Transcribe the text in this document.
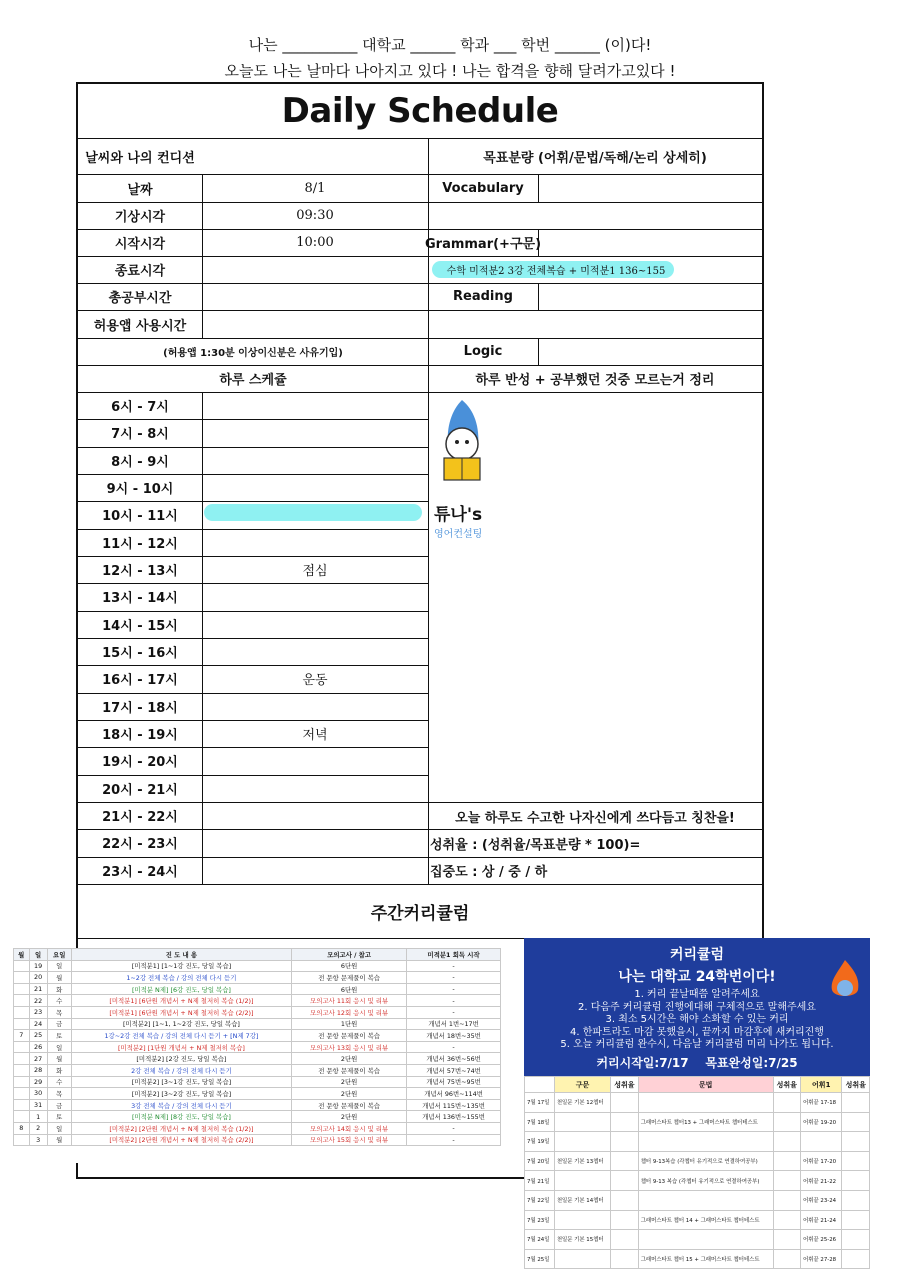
나는 __________ 대학교 ______ 학과 ___ 학번 ______ (이)다!
오늘도 나는 날마다 나아지고 있다 ! 나는 합격을 향해 달려가고있다 !
Daily Schedule
날씨와 나의 컨디션	목표분량 (어휘/문법/독해/논리 상세히)
날짜	8/1	Vocabulary
기상시각	09:30
시작시각	10:00	Grammar(+구문)
종료시각	수학 미적분2 3강 전체복습 + 미적분1 136~155
총공부시간	Reading
허용앱 사용시간
(허용앱 1:30분 이상이신분은 사유기입)	Logic
하루 스케쥴	하루 반성 + 공부했던 것중 모르는거 정리
6시 - 7시
7시 - 8시
8시 - 9시
9시 - 10시
10시 - 11시
11시 - 12시
12시 - 13시	점심
13시 - 14시
14시 - 15시
15시 - 16시
16시 - 17시	운동
17시 - 18시
18시 - 19시	저녁
19시 - 20시
20시 - 21시
21시 - 22시
22시 - 23시
23시 - 24시
튜나's
영어컨설팅
오늘 하루도 수고한 나자신에게 쓰다듬고 칭찬을!
성취율 : (성취율/목표분량 * 100)=
집중도 : 상 / 중 / 하
주간커리큘럼
월	일	요일	진 도 내 용	모의고사 / 참고	미적분1 회독 시작
	19	일	[미적분1] [1~1강 진도, 당일 복습]	6단원	-
	20	월	1~2강 전체 복습 / 강의 전체 다시 듣기	전 문항 문제풀이 복습	-
	21	화	[미적분 N제] [6강 진도, 당일 복습]	6단원	-
	22	수	[미적분1] [6단원 개념서 + N제 철저히 복습 (1/2)]	모의고사 11회 응시 및 리뷰	-
	23	목	[미적분1] [6단원 개념서 + N제 철저히 복습 (2/2)]	모의고사 12회 응시 및 리뷰	-
	24	금	[미적분2] [1~1, 1~2강 진도, 당일 복습]	1단원	개념서 1번~17번
7	25	토	1강~2강 전체 복습 / 강의 전체 다시 듣기 + [N제 7강]	전 문항 문제풀이 복습	개념서 18번~35번
	26	일	[미적분2] [1단원 개념서 + N제 철저히 복습]	모의고사 13회 응시 및 리뷰	-
	27	월	[미적분2] [2강 진도, 당일 복습]	2단원	개념서 36번~56번
	28	화	2강 전체 복습 / 강의 전체 다시 듣기	전 문항 문제풀이 복습	개념서 57번~74번
	29	수	[미적분2] [3~1강 진도, 당일 복습]	2단원	개념서 75번~95번
	30	목	[미적분2] [3~2강 진도, 당일 복습]	2단원	개념서 96번~114번
	31	금	3강 전체 복습 / 강의 전체 다시 듣기	전 문항 문제풀이 복습	개념서 115번~135번
	1	토	[미적분 N제] [8강 진도, 당일 복습]	2단원	개념서 136번~155번
8	2	일	[미적분2] [2단원 개념서 + N제 철저히 복습 (1/2)]	모의고사 14회 응시 및 리뷰	-
	3	월	[미적분2] [2단원 개념서 + N제 철저히 복습 (2/2)]	모의고사 15회 응시 및 리뷰	-
커리큘럼
나는 대학교 24학번이다!
1. 커리 끝날때쯤 알려주세요
2. 다음주 커리큘럼 진행에대해 구체적으로 말해주세요
3. 최소 5시간은 해야 소화할 수 있는 커리
4. 한파트라도 마감 못했을시, 끝까지 마감후에 새커리진행
5. 오늘 커리큘럼 완수시, 다음날 커리큘럼 미리 나가도 됩니다.
커리시작일:7/17 목표완성일:7/25
	구문	성취율	문법	성취율	어휘1	성취율
7월 17일	천일문 기본 12챕터				어휘끝 17-18	
7월 18일			그래머스타트 챕터13 + 그래머스타트 챕터테스트		어휘끝 19-20	
7월 19일						
7월 20일	천일문 기본 13챕터		챕터 9-13복습 (각챕터 유기적으로 연결하여공부)		어휘끝 17-20	
7월 21일			챕터 9-13 복습 (각챕터 유기적으로 연결하여공부)		어휘끝 21-22	
7월 22일	천일문 기본 14챕터				어휘끝 23-24	
7월 23일			그래머스타트 챕터 14 + 그래머스타트 챕터테스트		어휘끝 21-24	
7월 24일	천일문 기본 15챕터				어휘끝 25-26	
7월 25일			그래머스타트 챕터 15 + 그래머스타트 챕터테스트		어휘끝 27-28	
